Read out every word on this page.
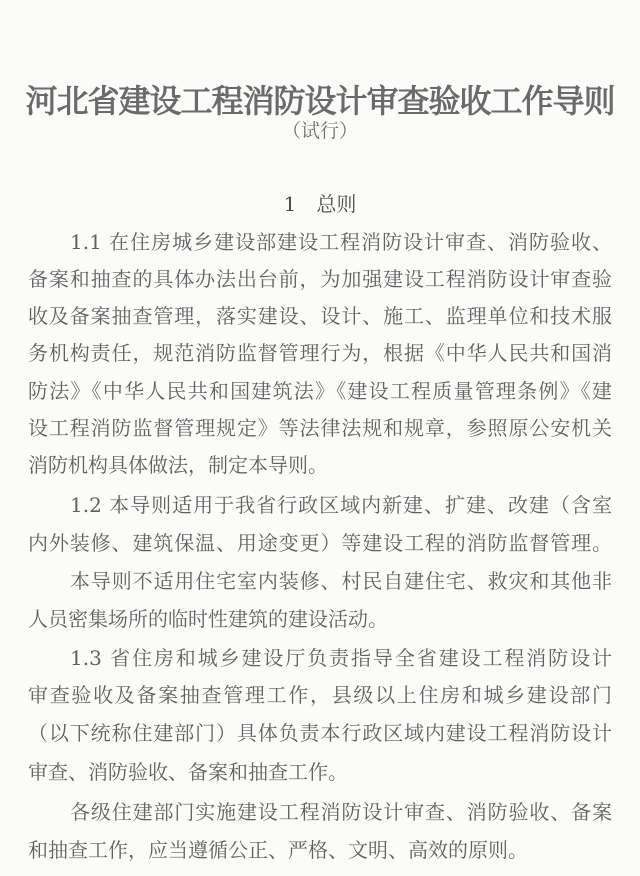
河北省建设工程消防设计审查验收工作导则
（试行）
1 总则
1.1 在住房城乡建设部建设工程消防设计审查、消防验收、
备案和抽查的具体办法出台前，为加强建设工程消防设计审查验
收及备案抽查管理，落实建设、设计、施工、监理单位和技术服
务机构责任，规范消防监督管理行为，根据《中华人民共和国消
防法》《中华人民共和国建筑法》《建设工程质量管理条例》《建
设工程消防监督管理规定》等法律法规和规章，参照原公安机关
消防机构具体做法，制定本导则。
1.2 本导则适用于我省行政区域内新建、扩建、改建（含室
内外装修、建筑保温、用途变更）等建设工程的消防监督管理。
本导则不适用住宅室内装修、村民自建住宅、救灾和其他非
人员密集场所的临时性建筑的建设活动。
1.3 省住房和城乡建设厅负责指导全省建设工程消防设计
审查验收及备案抽查管理工作，县级以上住房和城乡建设部门
（以下统称住建部门）具体负责本行政区域内建设工程消防设计
审查、消防验收、备案和抽查工作。
各级住建部门实施建设工程消防设计审查、消防验收、备案
和抽查工作，应当遵循公正、严格、文明、高效的原则。
